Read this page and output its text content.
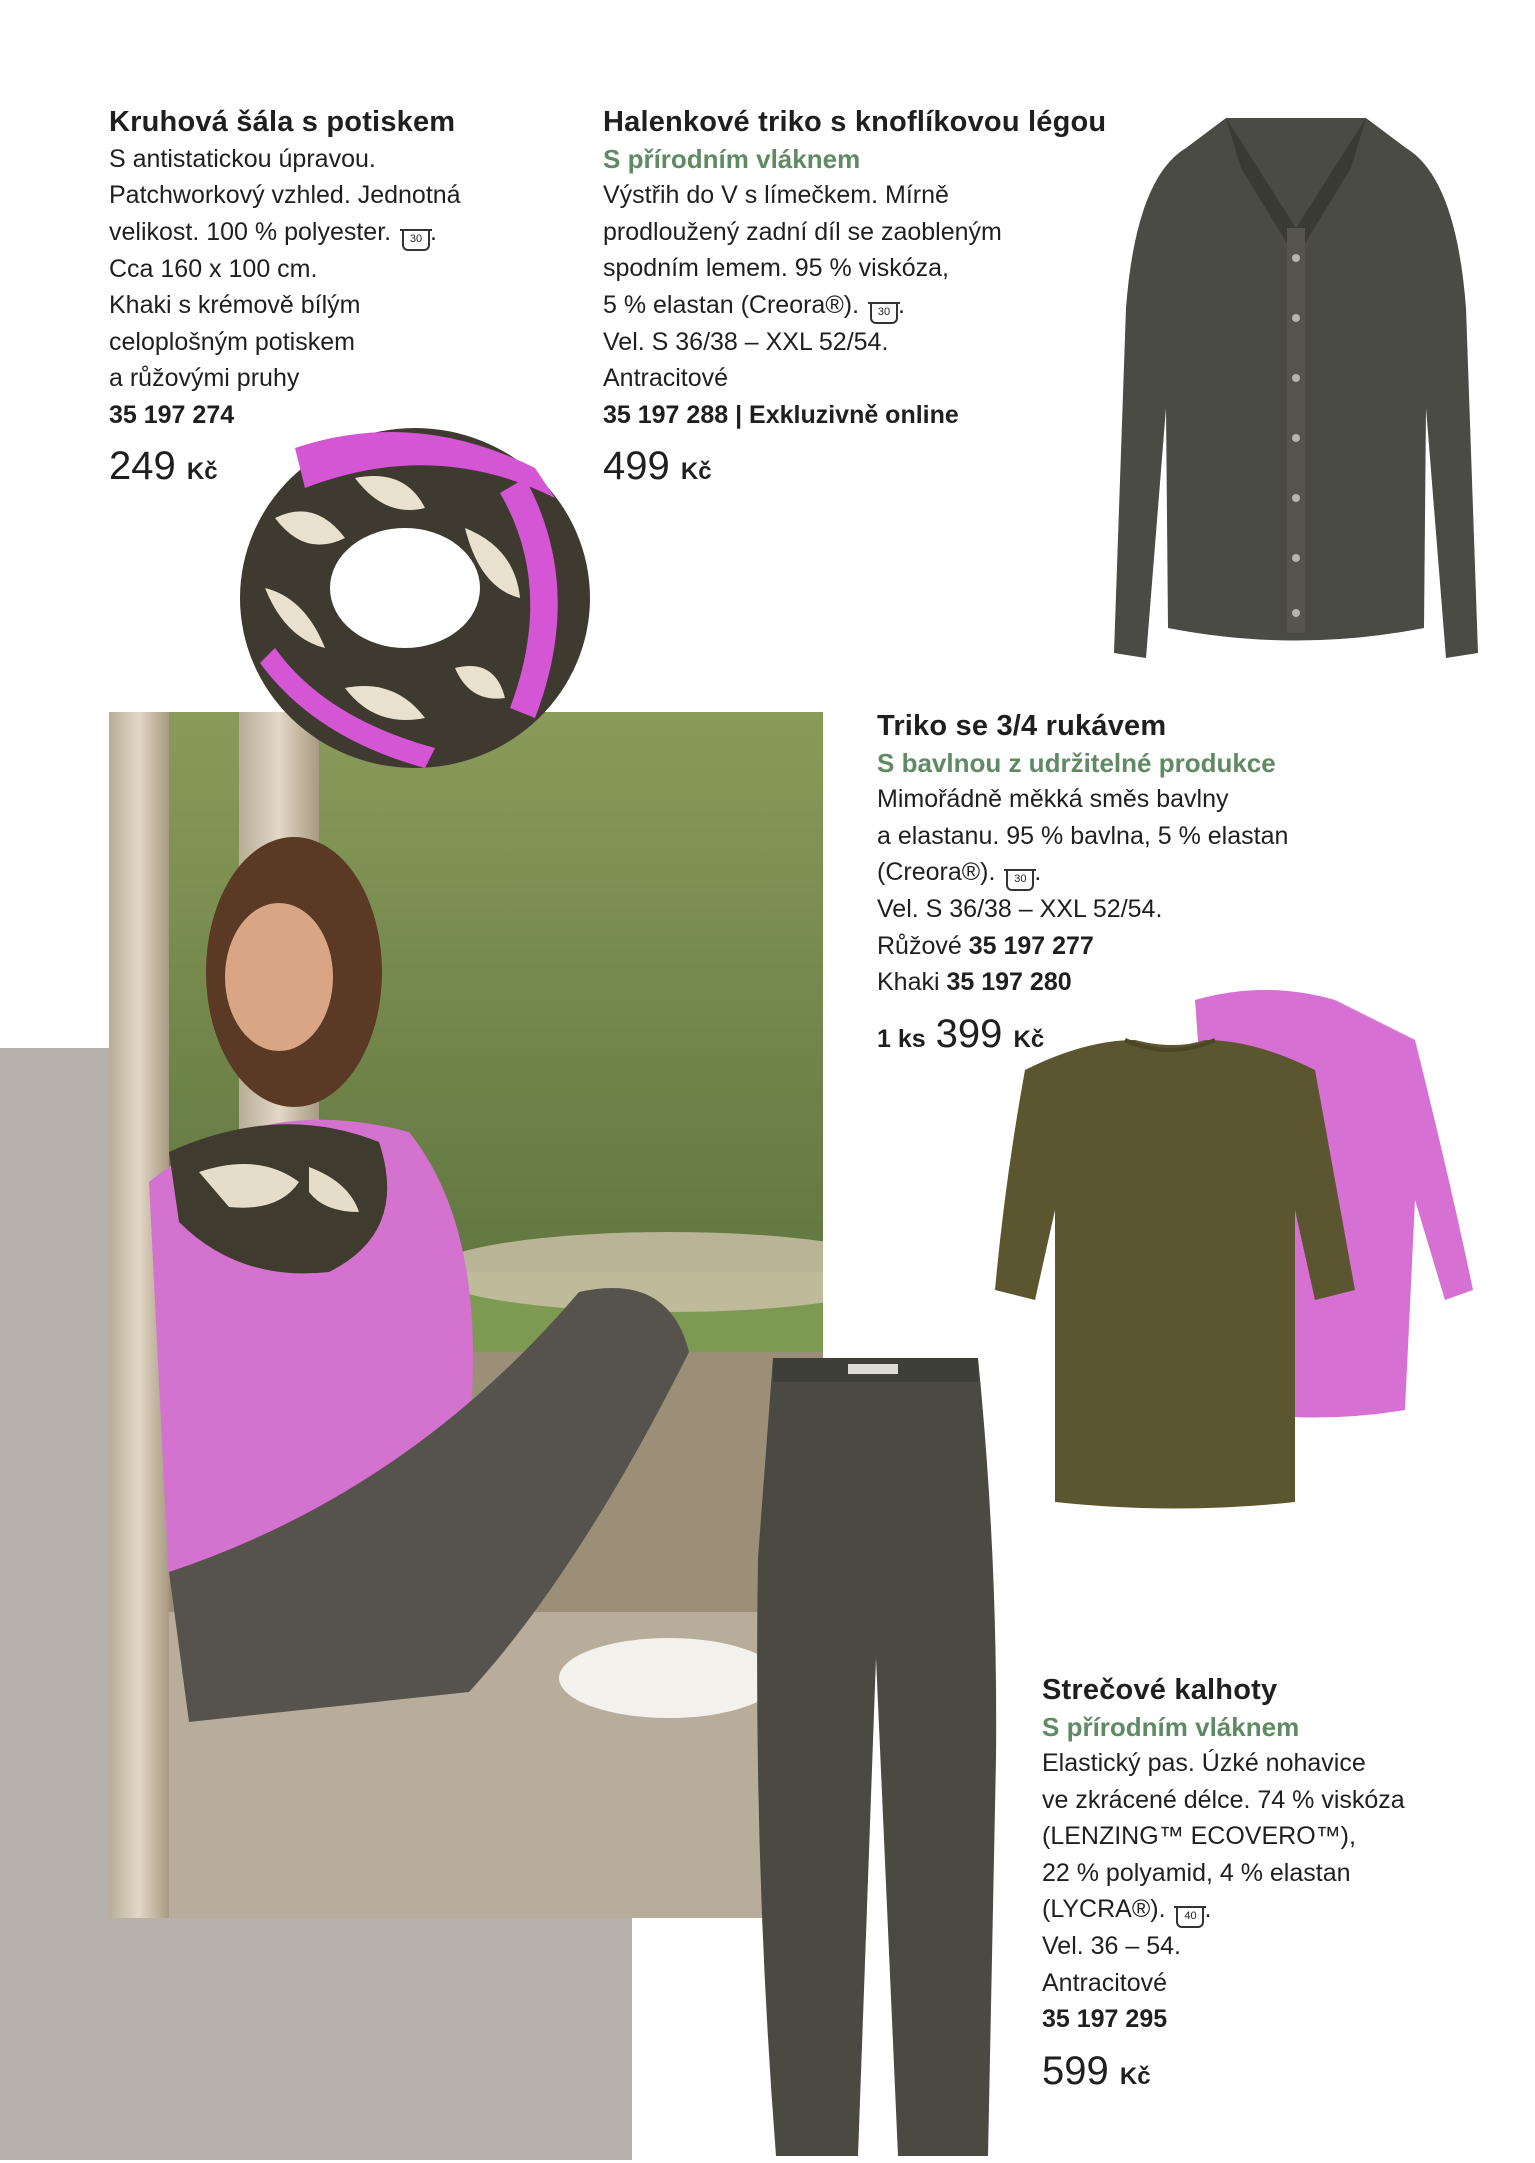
Kruhová šála s potiskem
S antistatickou úpravou.
Patchworkový vzhled. Jednotná
velikost. 100 % polyester. 30 .
Cca 160 x 100 cm.
Khaki s krémově bílým
celoplošným potiskem
a růžovými pruhy
35 197 274
249 Kč
Halenkové triko s knoflíkovou légou
S přírodním vláknem
Výstřih do V s límečkem. Mírně
prodloužený zadní díl se zaobleným
spodním lemem. 95 % viskóza,
5 % elastan (Creora®). 30 .
Vel. S 36/38 – XXL 52/54.
Antracitové
35 197 288 | Exkluzivně online
499 Kč
Triko se 3/4 rukávem
S bavlnou z udržitelné produkce
Mimořádně měkká směs bavlny
a elastanu. 95 % bavlna, 5 % elastan
(Creora®). 30 .
Vel. S 36/38 – XXL 52/54.
Růžové 35 197 277
Khaki 35 197 280
1 ks 399 Kč
Strečové kalhoty
S přírodním vláknem
Elastický pas. Úzké nohavice
ve zkrácené délce. 74 % viskóza
(LENZING™ ECOVERO™),
22 % polyamid, 4 % elastan
(LYCRA®). 40 .
Vel. 36 – 54.
Antracitové
35 197 295
599 Kč
